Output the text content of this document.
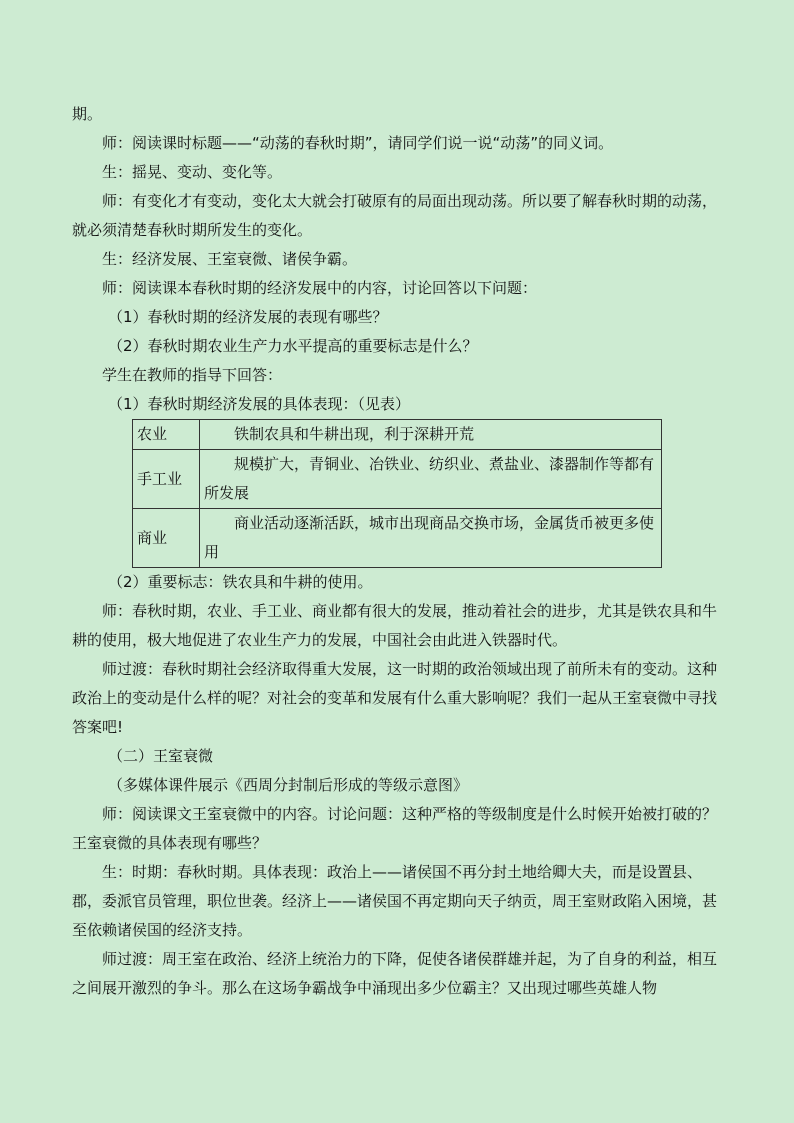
期。

师：阅读课时标题——“动荡的春秋时期”，请同学们说一说“动荡”的同义词。

生：摇晃、变动、变化等。

师：有变化才有变动，变化太大就会打破原有的局面出现动荡。所以要了解春秋时期的动荡，就必须清楚春秋时期所发生的变化。

生：经济发展、王室衰微、诸侯争霸。

师：阅读课本春秋时期的经济发展中的内容，讨论回答以下问题：

（1）春秋时期的经济发展的表现有哪些？

（2）春秋时期农业生产力水平提高的重要标志是什么？

学生在教师的指导下回答：

（1）春秋时期经济发展的具体表现：（见表）

农业	铁制农具和牛耕出现，利于深耕开荒
手工业	规模扩大，青铜业、冶铁业、纺织业、煮盐业、漆器制作等都有所发展
商业	商业活动逐渐活跃，城市出现商品交换市场，金属货币被更多使用

（2）重要标志：铁农具和牛耕的使用。

师：春秋时期，农业、手工业、商业都有很大的发展，推动着社会的进步，尤其是铁农具和牛耕的使用，极大地促进了农业生产力的发展，中国社会由此进入铁器时代。

师过渡：春秋时期社会经济取得重大发展，这一时期的政治领域出现了前所未有的变动。这种政治上的变动是什么样的呢？对社会的变革和发展有什么重大影响呢？我们一起从王室衰微中寻找答案吧!

（二）王室衰微

（多媒体课件展示《西周分封制后形成的等级示意图》

师：阅读课文王室衰微中的内容。讨论问题：这种严格的等级制度是什么时候开始被打破的？王室衰微的具体表现有哪些？

生：时期：春秋时期。具体表现：政治上——诸侯国不再分封土地给卿大夫，而是设置县、郡，委派官员管理，职位世袭。经济上——诸侯国不再定期向天子纳贡，周王室财政陷入困境，甚至依赖诸侯国的经济支持。

师过渡：周王室在政治、经济上统治力的下降，促使各诸侯群雄并起，为了自身的利益，相互之间展开激烈的争斗。那么在这场争霸战争中涌现出多少位霸主？又出现过哪些英雄人物
